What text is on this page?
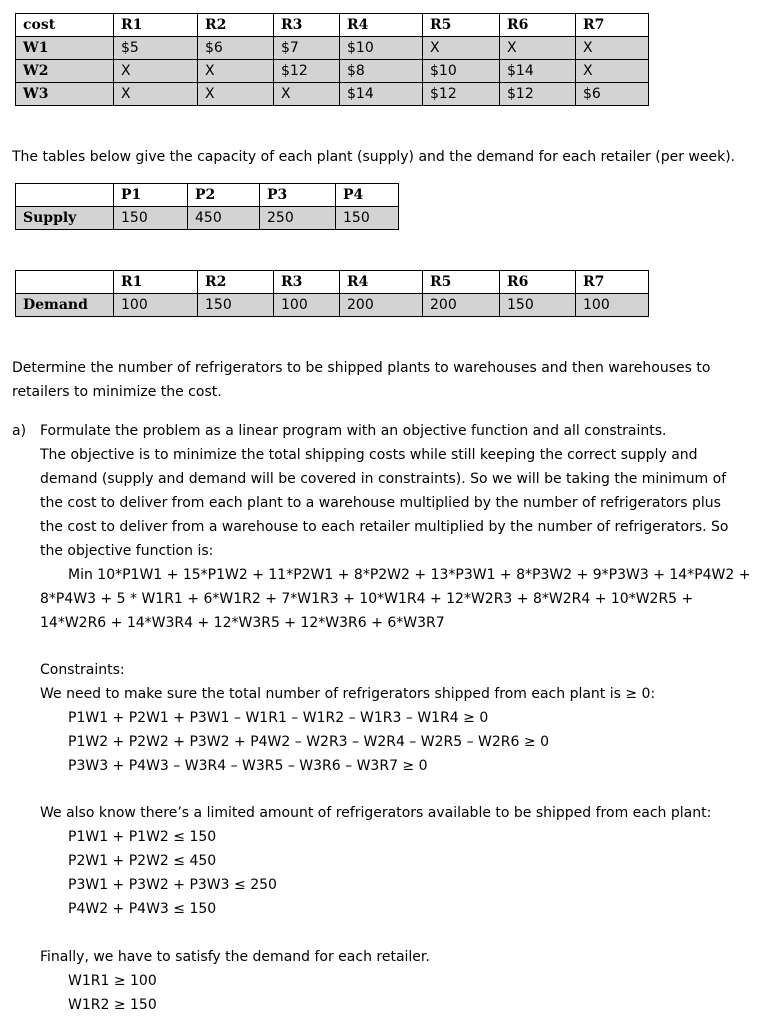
cost	R1	R2	R3	R4	R5	R6	R7
W1	$5	$6	$7	$10	X	X	X
W2	X	X	$12	$8	$10	$14	X
W3	X	X	X	$14	$12	$12	$6
The tables below give the capacity of each plant (supply) and the demand for each retailer (per week).
	P1	P2	P3	P4
Supply	150	450	250	150
	R1	R2	R3	R4	R5	R6	R7
Demand	100	150	100	200	200	150	100
Determine the number of refrigerators to be shipped plants to warehouses and then warehouses to
retailers to minimize the cost.
a) Formulate the problem as a linear program with an objective function and all constraints.
The objective is to minimize the total shipping costs while still keeping the correct supply and
demand (supply and demand will be covered in constraints). So we will be taking the minimum of
the cost to deliver from each plant to a warehouse multiplied by the number of refrigerators plus
the cost to deliver from a warehouse to each retailer multiplied by the number of refrigerators. So
the objective function is:
Min 10*P1W1 + 15*P1W2 + 11*P2W1 + 8*P2W2 + 13*P3W1 + 8*P3W2 + 9*P3W3 + 14*P4W2 +
8*P4W3 + 5 * W1R1 + 6*W1R2 + 7*W1R3 + 10*W1R4 + 12*W2R3 + 8*W2R4 + 10*W2R5 +
14*W2R6 + 14*W3R4 + 12*W3R5 + 12*W3R6 + 6*W3R7
Constraints:
We need to make sure the total number of refrigerators shipped from each plant is ≥ 0:
P1W1 + P2W1 + P3W1 – W1R1 – W1R2 – W1R3 – W1R4 ≥ 0
P1W2 + P2W2 + P3W2 + P4W2 – W2R3 – W2R4 – W2R5 – W2R6 ≥ 0
P3W3 + P4W3 – W3R4 – W3R5 – W3R6 – W3R7 ≥ 0
We also know there’s a limited amount of refrigerators available to be shipped from each plant:
P1W1 + P1W2 ≤ 150
P2W1 + P2W2 ≤ 450
P3W1 + P3W2 + P3W3 ≤ 250
P4W2 + P4W3 ≤ 150
Finally, we have to satisfy the demand for each retailer.
W1R1 ≥ 100
W1R2 ≥ 150
